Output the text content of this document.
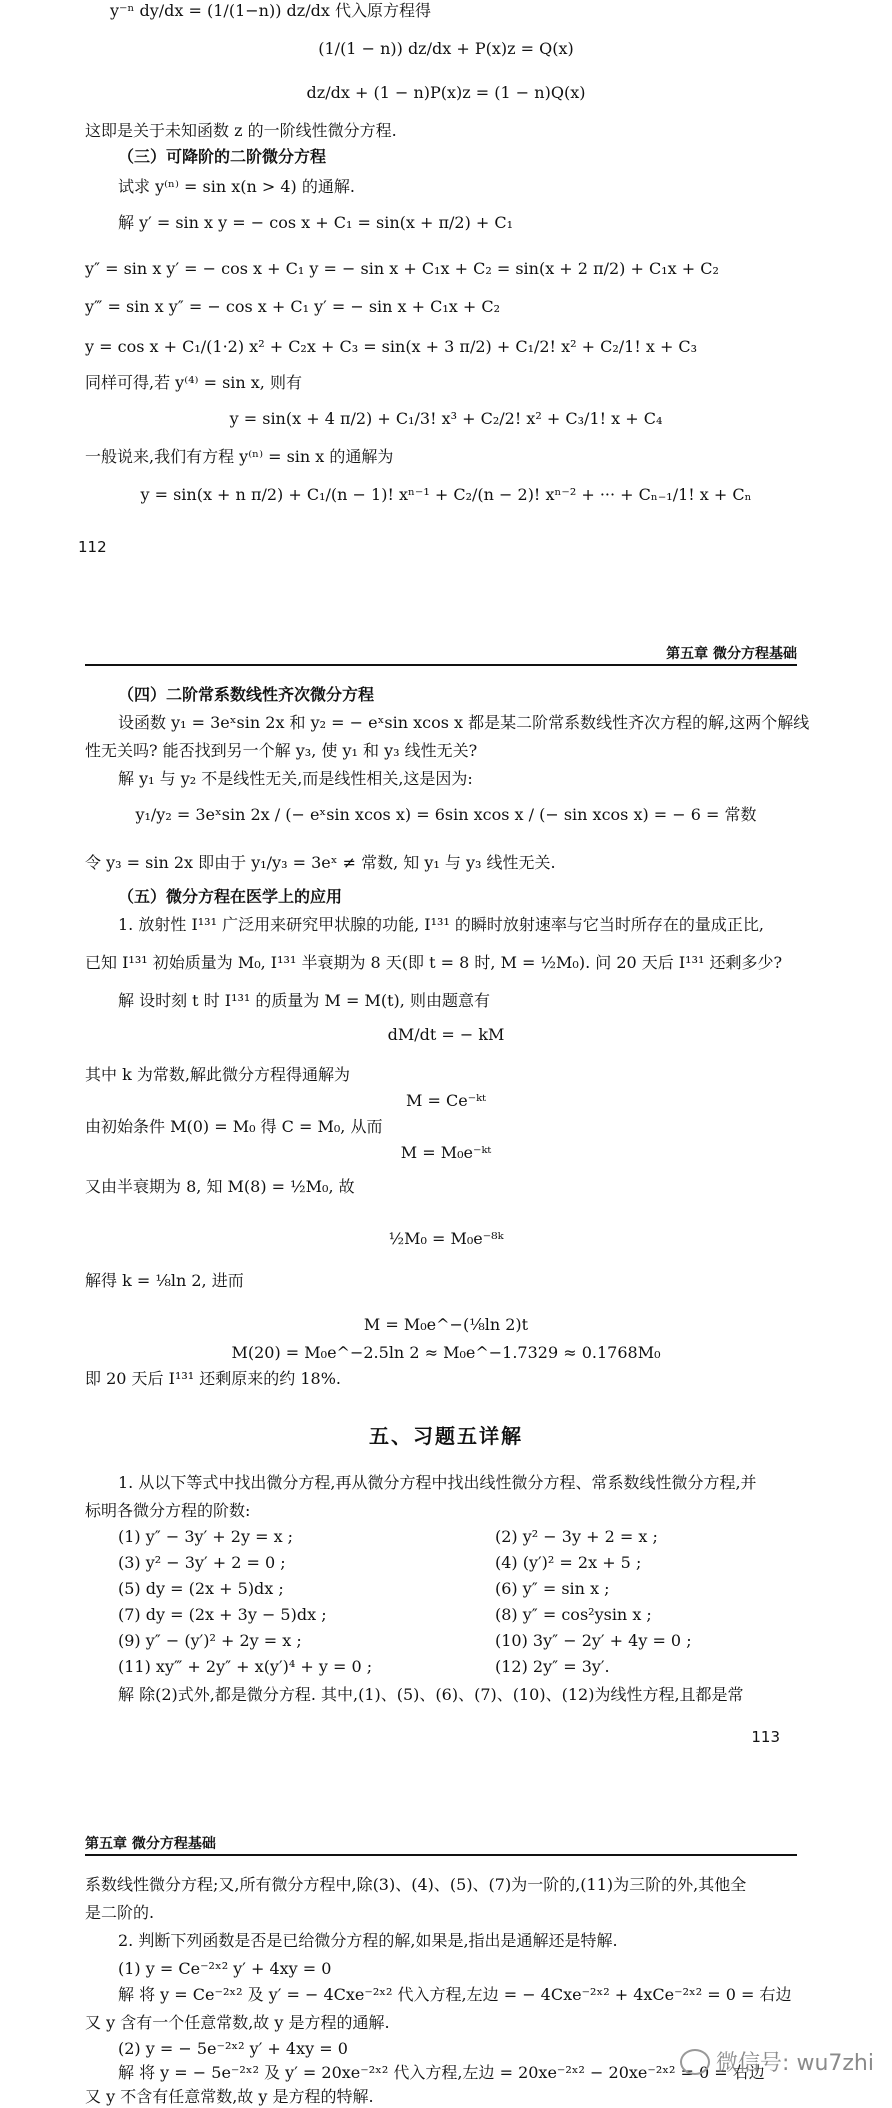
y⁻ⁿ dy/dx = (1/(1−n)) dz/dx 代入原方程得
(1/(1 − n)) dz/dx + P(x)z = Q(x)
dz/dx + (1 − n)P(x)z = (1 − n)Q(x)
这即是关于未知函数 z 的一阶线性微分方程.
（三）可降阶的二阶微分方程
试求 y⁽ⁿ⁾ = sin x(n > 4) 的通解.
解 y′ = sin x y = − cos x + C₁ = sin(x + π/2) + C₁
y″ = sin x y′ = − cos x + C₁ y = − sin x + C₁x + C₂ = sin(x + 2 π/2) + C₁x + C₂
y‴ = sin x y″ = − cos x + C₁ y′ = − sin x + C₁x + C₂
y = cos x + C₁/(1·2) x² + C₂x + C₃ = sin(x + 3 π/2) + C₁/2! x² + C₂/1! x + C₃
同样可得,若 y⁽⁴⁾ = sin x, 则有
y = sin(x + 4 π/2) + C₁/3! x³ + C₂/2! x² + C₃/1! x + C₄
一般说来,我们有方程 y⁽ⁿ⁾ = sin x 的通解为
y = sin(x + n π/2) + C₁/(n − 1)! xⁿ⁻¹ + C₂/(n − 2)! xⁿ⁻² + ··· + Cₙ₋₁/1! x + Cₙ
112
第五章 微分方程基础
（四）二阶常系数线性齐次微分方程
设函数 y₁ = 3eˣsin 2x 和 y₂ = − eˣsin xcos x 都是某二阶常系数线性齐次方程的解,这两个解线
性无关吗? 能否找到另一个解 y₃, 使 y₁ 和 y₃ 线性无关?
解 y₁ 与 y₂ 不是线性无关,而是线性相关,这是因为:
y₁/y₂ = 3eˣsin 2x / (− eˣsin xcos x) = 6sin xcos x / (− sin xcos x) = − 6 = 常数
令 y₃ = sin 2x 即由于 y₁/y₃ = 3eˣ ≠ 常数, 知 y₁ 与 y₃ 线性无关.
（五）微分方程在医学上的应用
1. 放射性 I¹³¹ 广泛用来研究甲状腺的功能, I¹³¹ 的瞬时放射速率与它当时所存在的量成正比,
已知 I¹³¹ 初始质量为 M₀, I¹³¹ 半衰期为 8 天(即 t = 8 时, M = ½M₀). 问 20 天后 I¹³¹ 还剩多少?
解 设时刻 t 时 I¹³¹ 的质量为 M = M(t), 则由题意有
dM/dt = − kM
其中 k 为常数,解此微分方程得通解为
M = Ce⁻ᵏᵗ
由初始条件 M(0) = M₀ 得 C = M₀, 从而
M = M₀e⁻ᵏᵗ
又由半衰期为 8, 知 M(8) = ½M₀, 故
½M₀ = M₀e⁻⁸ᵏ
解得 k = ⅛ln 2, 进而
M = M₀e^−(⅛ln 2)t
M(20) = M₀e^−2.5ln 2 ≈ M₀e^−1.7329 ≈ 0.1768M₀
即 20 天后 I¹³¹ 还剩原来的约 18%.
五、习题五详解
1. 从以下等式中找出微分方程,再从微分方程中找出线性微分方程、常系数线性微分方程,并
标明各微分方程的阶数:
(1) y″ − 3y′ + 2y = x ;
(3) y² − 3y′ + 2 = 0 ;
(5) dy = (2x + 5)dx ;
(7) dy = (2x + 3y − 5)dx ;
(9) y″ − (y′)² + 2y = x ;
(11) xy‴ + 2y″ + x(y′)⁴ + y = 0 ;
(2) y² − 3y + 2 = x ;
(4) (y′)² = 2x + 5 ;
(6) y″ = sin x ;
(8) y″ = cos²ysin x ;
(10) 3y″ − 2y′ + 4y = 0 ;
(12) 2y″ = 3y′.
解 除(2)式外,都是微分方程. 其中,(1)、(5)、(6)、(7)、(10)、(12)为线性方程,且都是常
113
第五章 微分方程基础
系数线性微分方程;又,所有微分方程中,除(3)、(4)、(5)、(7)为一阶的,(11)为三阶的外,其他全
是二阶的.
2. 判断下列函数是否是已给微分方程的解,如果是,指出是通解还是特解.
(1) y = Ce⁻²ˣ² y′ + 4xy = 0
解 将 y = Ce⁻²ˣ² 及 y′ = − 4Cxe⁻²ˣ² 代入方程,左边 = − 4Cxe⁻²ˣ² + 4xCe⁻²ˣ² = 0 = 右边
又 y 含有一个任意常数,故 y 是方程的通解.
(2) y = − 5e⁻²ˣ² y′ + 4xy = 0
解 将 y = − 5e⁻²ˣ² 及 y′ = 20xe⁻²ˣ² 代入方程,左边 = 20xe⁻²ˣ² − 20xe⁻²ˣ² = 0 = 右边
又 y 不含有任意常数,故 y 是方程的特解.
微信号: wu7zhi
